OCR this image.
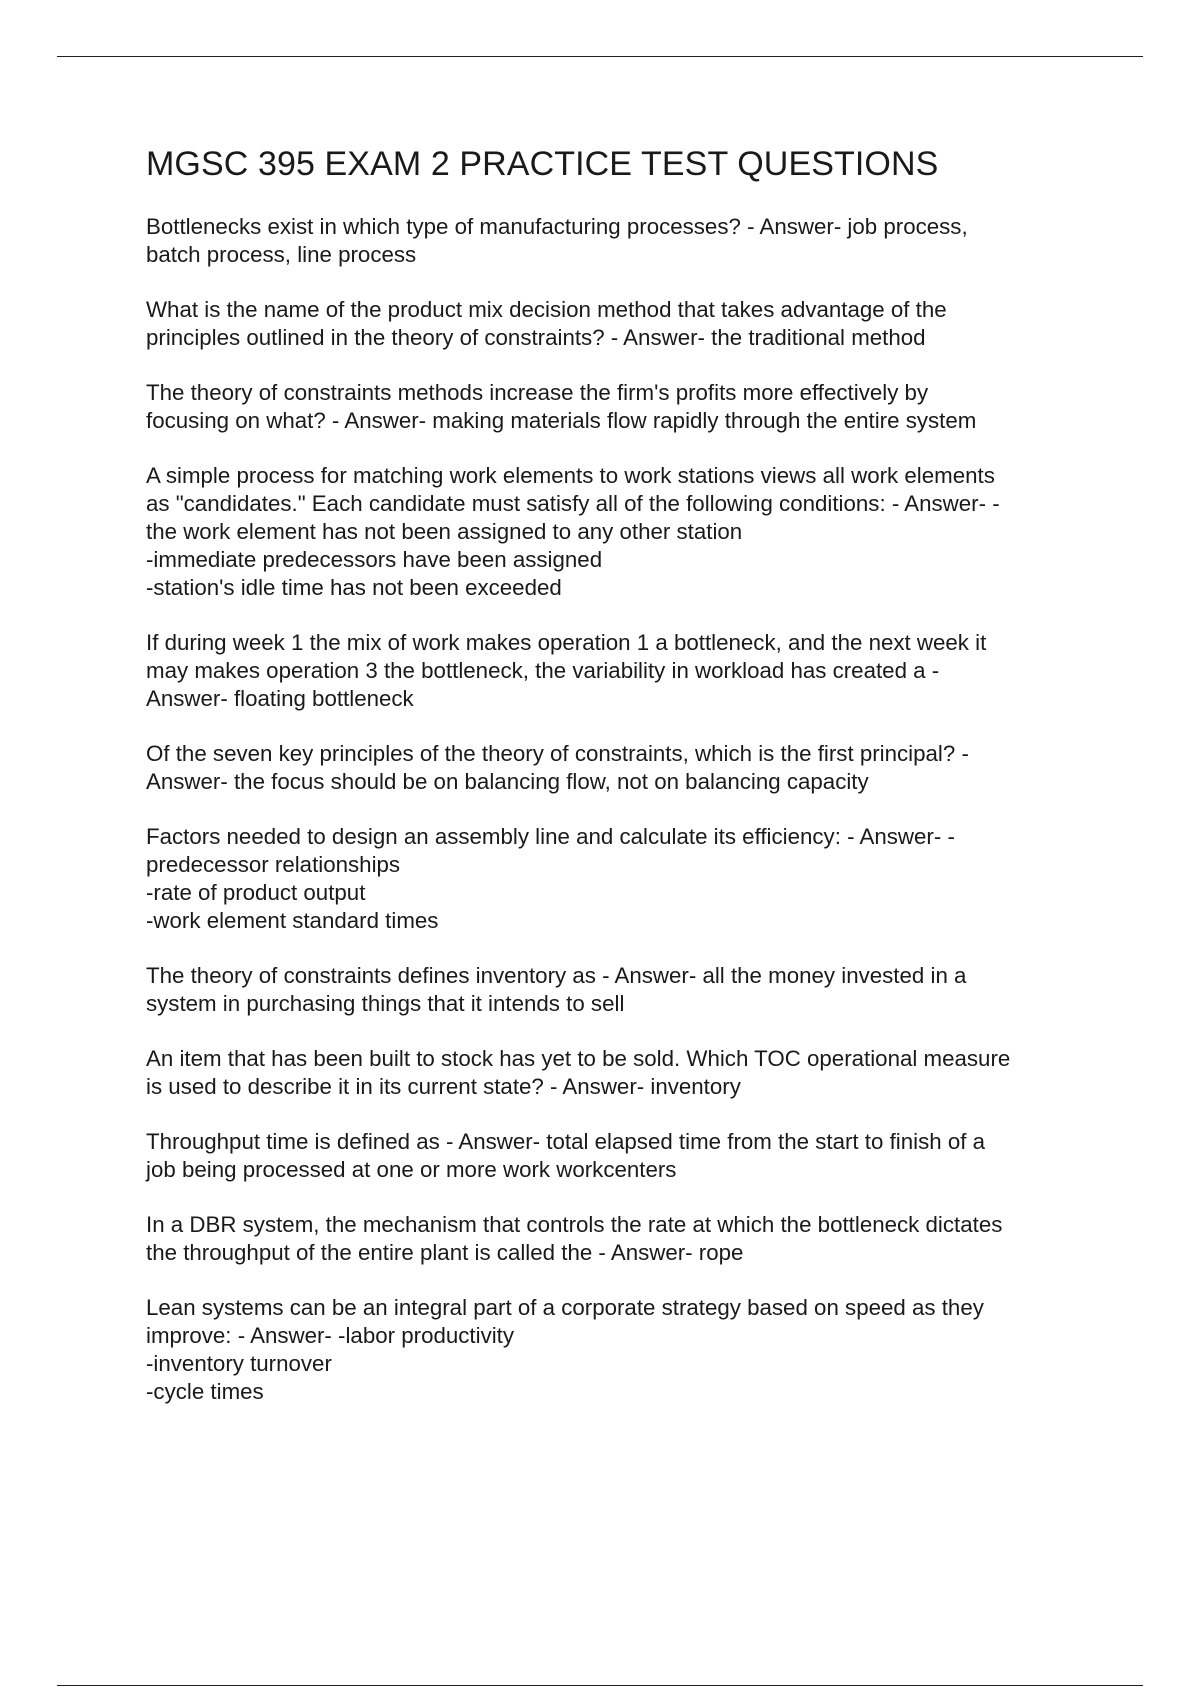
MGSC 395 EXAM 2 PRACTICE TEST QUESTIONS

Bottlenecks exist in which type of manufacturing processes? - Answer- job process,
batch process, line process

What is the name of the product mix decision method that takes advantage of the
principles outlined in the theory of constraints? - Answer- the traditional method

The theory of constraints methods increase the firm's profits more effectively by
focusing on what? - Answer- making materials flow rapidly through the entire system

A simple process for matching work elements to work stations views all work elements
as "candidates." Each candidate must satisfy all of the following conditions: - Answer- -
the work element has not been assigned to any other station
-immediate predecessors have been assigned
-station's idle time has not been exceeded

If during week 1 the mix of work makes operation 1 a bottleneck, and the next week it
may makes operation 3 the bottleneck, the variability in workload has created a -
Answer- floating bottleneck

Of the seven key principles of the theory of constraints, which is the first principal? -
Answer- the focus should be on balancing flow, not on balancing capacity

Factors needed to design an assembly line and calculate its efficiency: - Answer- -
predecessor relationships
-rate of product output
-work element standard times

The theory of constraints defines inventory as - Answer- all the money invested in a
system in purchasing things that it intends to sell

An item that has been built to stock has yet to be sold. Which TOC operational measure
is used to describe it in its current state? - Answer- inventory

Throughput time is defined as - Answer- total elapsed time from the start to finish of a
job being processed at one or more work workcenters

In a DBR system, the mechanism that controls the rate at which the bottleneck dictates
the throughput of the entire plant is called the - Answer- rope

Lean systems can be an integral part of a corporate strategy based on speed as they
improve: - Answer- -labor productivity
-inventory turnover
-cycle times
